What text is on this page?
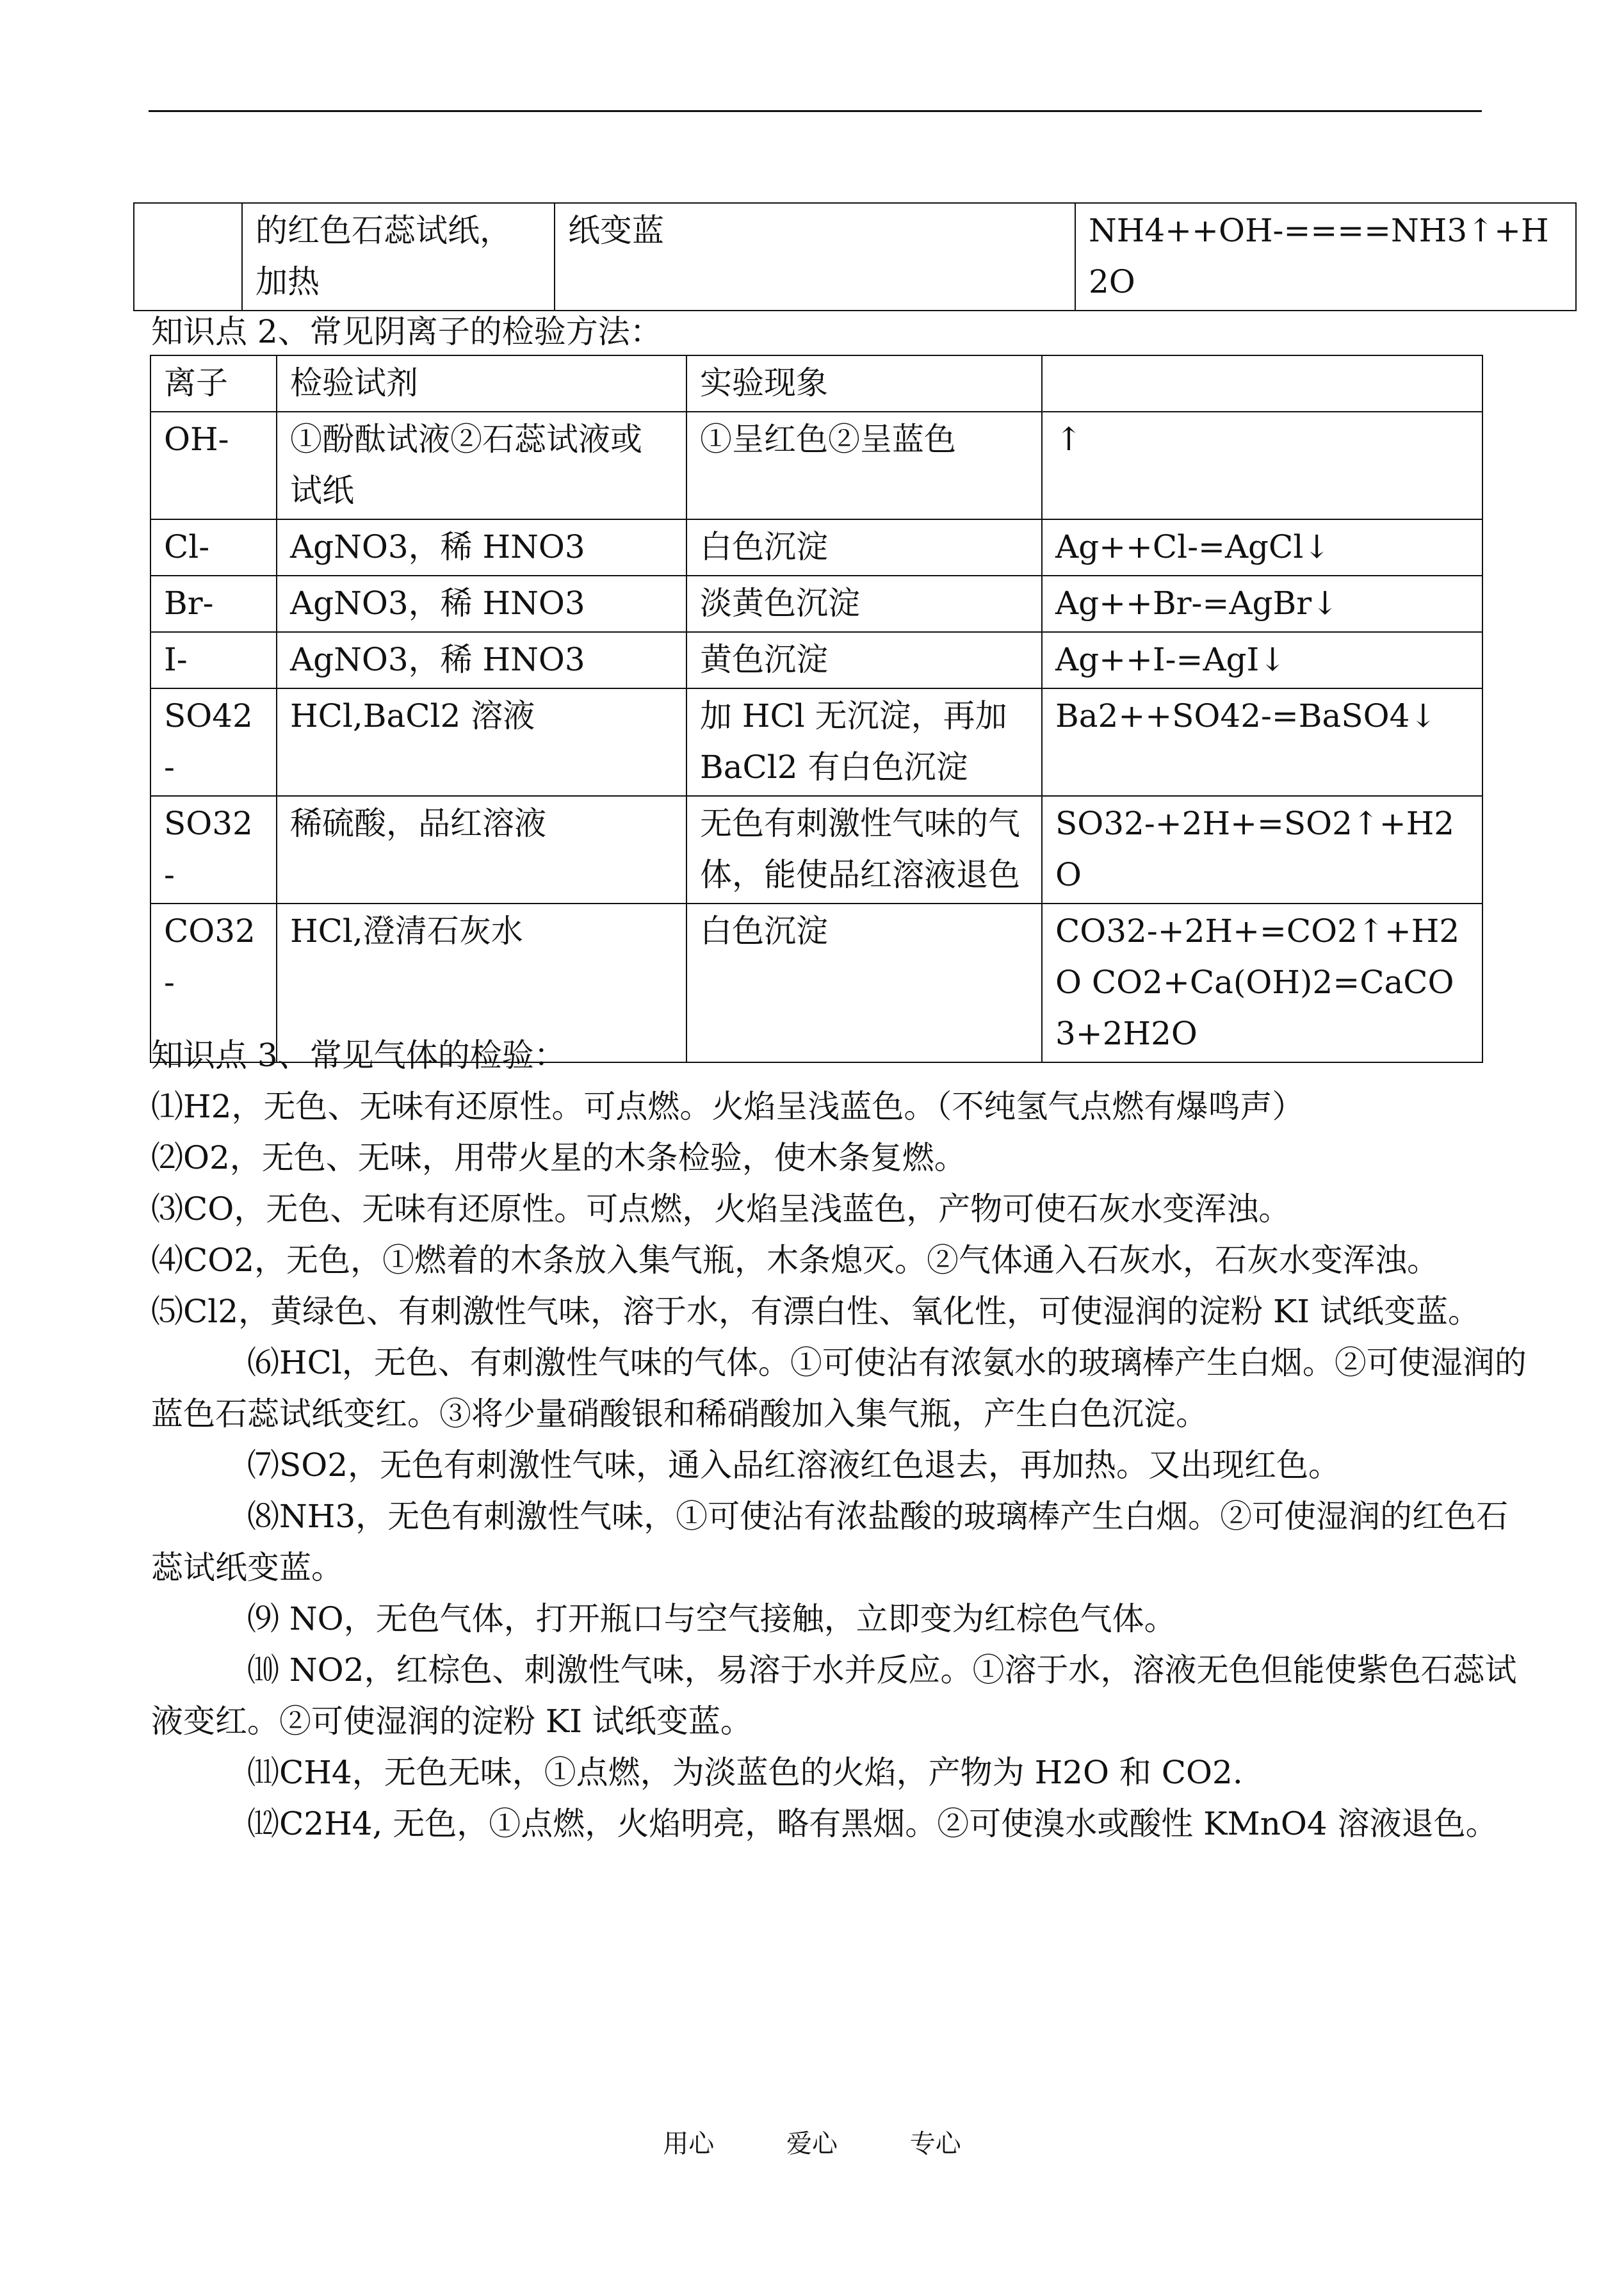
	的红色石蕊试纸，加热	纸变蓝	NH4++OH-====NH3↑+H2O

知识点 2、常见阴离子的检验方法：

离子	检验试剂	实验现象	
OH-	①酚酞试液②石蕊试液或试纸	①呈红色②呈蓝色	↑
Cl-	AgNO3，稀 HNO3	白色沉淀	Ag++Cl-=AgCl↓
Br-	AgNO3，稀 HNO3	淡黄色沉淀	Ag++Br-=AgBr↓
I-	AgNO3，稀 HNO3	黄色沉淀	Ag++I-=AgI↓
SO42-	HCl,BaCl2 溶液	加 HCl 无沉淀，再加 BaCl2 有白色沉淀	Ba2++SO42-=BaSO4↓
SO32-	稀硫酸，品红溶液	无色有刺激性气味的气体，能使品红溶液退色	SO32-+2H+=SO2↑+H2O
CO32-	HCl,澄清石灰水	白色沉淀	CO32-+2H+=CO2↑+H2O CO2+Ca(OH)2=CaCO3+2H2O

知识点 3、常见气体的检验：

⑴H2，无色、无味有还原性。可点燃。火焰呈浅蓝色。（不纯氢气点燃有爆鸣声）

⑵O2，无色、无味，用带火星的木条检验，使木条复燃。

⑶CO，无色、无味有还原性。可点燃，火焰呈浅蓝色，产物可使石灰水变浑浊。

⑷CO2，无色，①燃着的木条放入集气瓶，木条熄灭。②气体通入石灰水，石灰水变浑浊。

⑸Cl2，黄绿色、有刺激性气味，溶于水，有漂白性、氧化性，可使湿润的淀粉 KI 试纸变蓝。

⑹HCl，无色、有刺激性气味的气体。①可使沾有浓氨水的玻璃棒产生白烟。②可使湿润的蓝色石蕊试纸变红。③将少量硝酸银和稀硝酸加入集气瓶，产生白色沉淀。

⑺SO2，无色有刺激性气味，通入品红溶液红色退去，再加热。又出现红色。

⑻NH3，无色有刺激性气味，①可使沾有浓盐酸的玻璃棒产生白烟。②可使湿润的红色石蕊试纸变蓝。

⑼ NO，无色气体，打开瓶口与空气接触，立即变为红棕色气体。

⑽ NO2，红棕色、刺激性气味，易溶于水并反应。①溶于水，溶液无色但能使紫色石蕊试液变红。②可使湿润的淀粉 KI 试纸变蓝。

⑾CH4，无色无味，①点燃，为淡蓝色的火焰，产物为 H2O 和 CO2.

⑿C2H4, 无色，①点燃，火焰明亮，略有黑烟。②可使溴水或酸性 KMnO4 溶液退色。

用心	爱心	专心
